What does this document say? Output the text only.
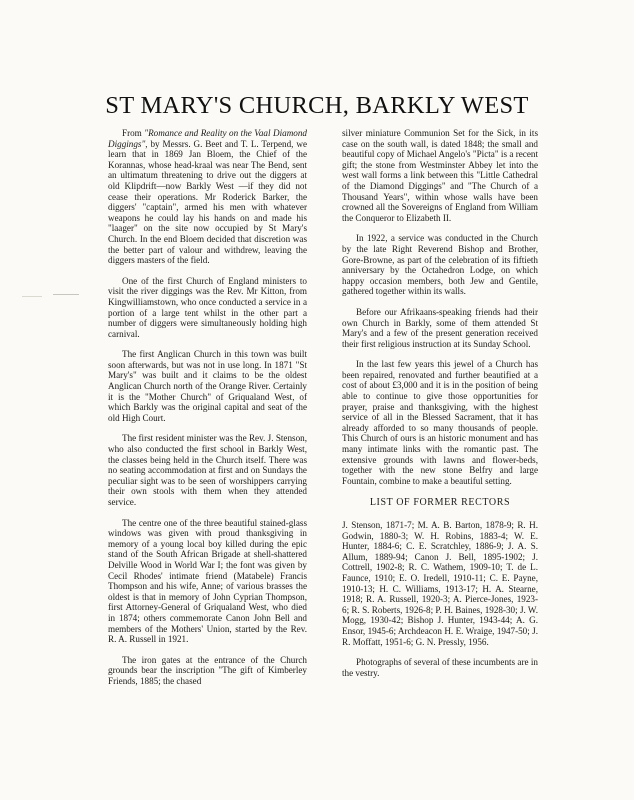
ST MARY'S CHURCH, BARKLY WEST

From "Romance and Reality on the Vaal Diamond Diggings", by Messrs. G. Beet and T. L. Terpend, we learn that in 1869 Jan Bloem, the Chief of the Korannas, whose head-kraal was near The Bend, sent an ultimatum threatening to drive out the diggers at old Klipdrift—now Barkly West —if they did not cease their operations. Mr Roderick Barker, the diggers' "captain", armed his men with whatever weapons he could lay his hands on and made his "laager" on the site now occupied by St Mary's Church. In the end Bloem decided that discretion was the better part of valour and withdrew, leaving the diggers masters of the field.

One of the first Church of England ministers to visit the river diggings was the Rev. Mr Kitton, from Kingwilliamstown, who once conducted a service in a portion of a large tent whilst in the other part a number of diggers were simultaneously holding high carnival.

The first Anglican Church in this town was built soon afterwards, but was not in use long. In 1871 "St Mary's" was built and it claims to be the oldest Anglican Church north of the Orange River. Certainly it is the "Mother Church" of Griqualand West, of which Barkly was the original capital and seat of the old High Court.

The first resident minister was the Rev. J. Stenson, who also conducted the first school in Barkly West, the classes being held in the Church itself. There was no seating accommodation at first and on Sundays the peculiar sight was to be seen of worshippers carrying their own stools with them when they attended service.

The centre one of the three beautiful stained-glass windows was given with proud thanksgiving in memory of a young local boy killed during the epic stand of the South African Brigade at shell-shattered Delville Wood in World War I; the font was given by Cecil Rhodes' intimate friend (Matabele) Francis Thompson and his wife, Anne; of various brasses the oldest is that in memory of John Cyprian Thompson, first Attorney-General of Griqualand West, who died in 1874; others commemorate Canon John Bell and members of the Mothers' Union, started by the Rev. R. A. Russell in 1921.

The iron gates at the entrance of the Church grounds bear the inscription "The gift of Kimberley Friends, 1885; the chased

silver miniature Communion Set for the Sick, in its case on the south wall, is dated 1848; the small and beautiful copy of Michael Angelo's "Picta" is a recent gift; the stone from Westminster Abbey let into the west wall forms a link between this "Little Cathedral of the Diamond Diggings" and "The Church of a Thousand Years", within whose walls have been crowned all the Sovereigns of England from William the Conqueror to Elizabeth II.

In 1922, a service was conducted in the Church by the late Right Reverend Bishop and Brother, Gore-Browne, as part of the celebration of its fiftieth anniversary by the Octahedron Lodge, on which happy occasion members, both Jew and Gentile, gathered together within its walls.

Before our Afrikaans-speaking friends had their own Church in Barkly, some of them attended St Mary's and a few of the present generation received their first religious instruction at its Sunday School.

In the last few years this jewel of a Church has been repaired, renovated and further beautified at a cost of about £3,000 and it is in the position of being able to continue to give those opportunities for prayer, praise and thanksgiving, with the highest service of all in the Blessed Sacrament, that it has already afforded to so many thousands of people. This Church of ours is an historic monument and has many intimate links with the romantic past. The extensive grounds with lawns and flower-beds, together with the new stone Belfry and large Fountain, combine to make a beautiful setting.

LIST OF FORMER RECTORS

J. Stenson, 1871-7; M. A. B. Barton, 1878-9; R. H. Godwin, 1880-3; W. H. Robins, 1883-4; W. E. Hunter, 1884-6; C. E. Scratchley, 1886-9; J. A. S. Allum, 1889-94; Canon J. Bell, 1895-1902; J. Cottrell, 1902-8; R. C. Wathem, 1909-10; T. de L. Faunce, 1910; E. O. Iredell, 1910-11; C. E. Payne, 1910-13; H. C. Williams, 1913-17; H. A. Stearne, 1918; R. A. Russell, 1920-3; A. Pierce-Jones, 1923-6; R. S. Roberts, 1926-8; P. H. Baines, 1928-30; J. W. Mogg, 1930-42; Bishop J. Hunter, 1943-44; A. G. Ensor, 1945-6; Archdeacon H. E. Wraige, 1947-50; J. R. Moffatt, 1951-6; G. N. Pressly, 1956.

Photographs of several of these incumbents are in the vestry.
